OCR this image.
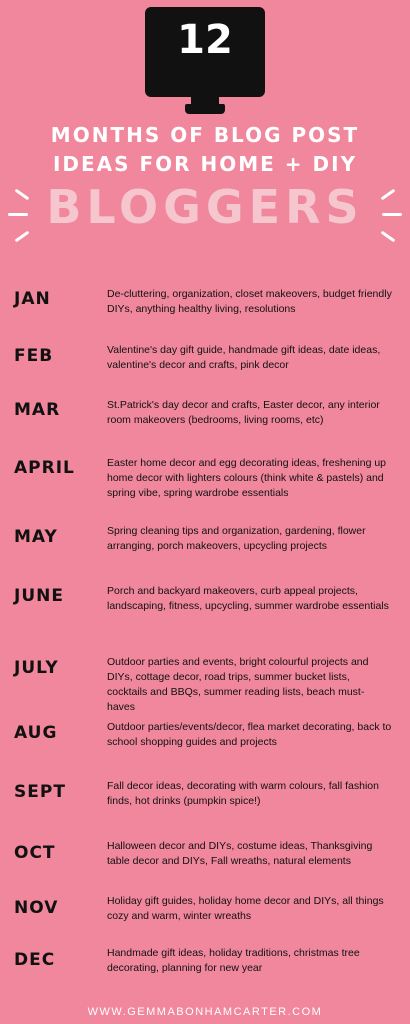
12
MONTHS OF BLOG POST
IDEAS FOR HOME + DIY
BLOGGERS
JAN	De-cluttering, organization, closet makeovers, budget friendly DIYs, anything healthy living, resolutions
FEB	Valentine's day gift guide, handmade gift ideas, date ideas, valentine's decor and crafts, pink decor
MAR	St.Patrick's day decor and crafts, Easter decor, any interior room makeovers (bedrooms, living rooms, etc)
APRIL	Easter home decor and egg decorating ideas, freshening up home decor with lighters colours (think white & pastels) and spring vibe, spring wardrobe essentials
MAY	Spring cleaning tips and organization, gardening, flower arranging, porch makeovers, upcycling projects
JUNE	Porch and backyard makeovers, curb appeal projects, landscaping, fitness, upcycling, summer wardrobe essentials
JULY	Outdoor parties and events, bright colourful projects and DIYs, cottage decor, road trips, summer bucket lists, cocktails and BBQs, summer reading lists, beach must-haves
AUG	Outdoor parties/events/decor, flea market decorating, back to school shopping guides and projects
SEPT	Fall decor ideas, decorating with warm colours, fall fashion finds, hot drinks (pumpkin spice!)
OCT	Halloween decor and DIYs, costume ideas, Thanksgiving table decor and DIYs, Fall wreaths, natural elements
NOV	Holiday gift guides, holiday home decor and DIYs, all things cozy and warm, winter wreaths
DEC	Handmade gift ideas, holiday traditions, christmas tree decorating, planning for new year
WWW.GEMMABONHAMCARTER.COM
